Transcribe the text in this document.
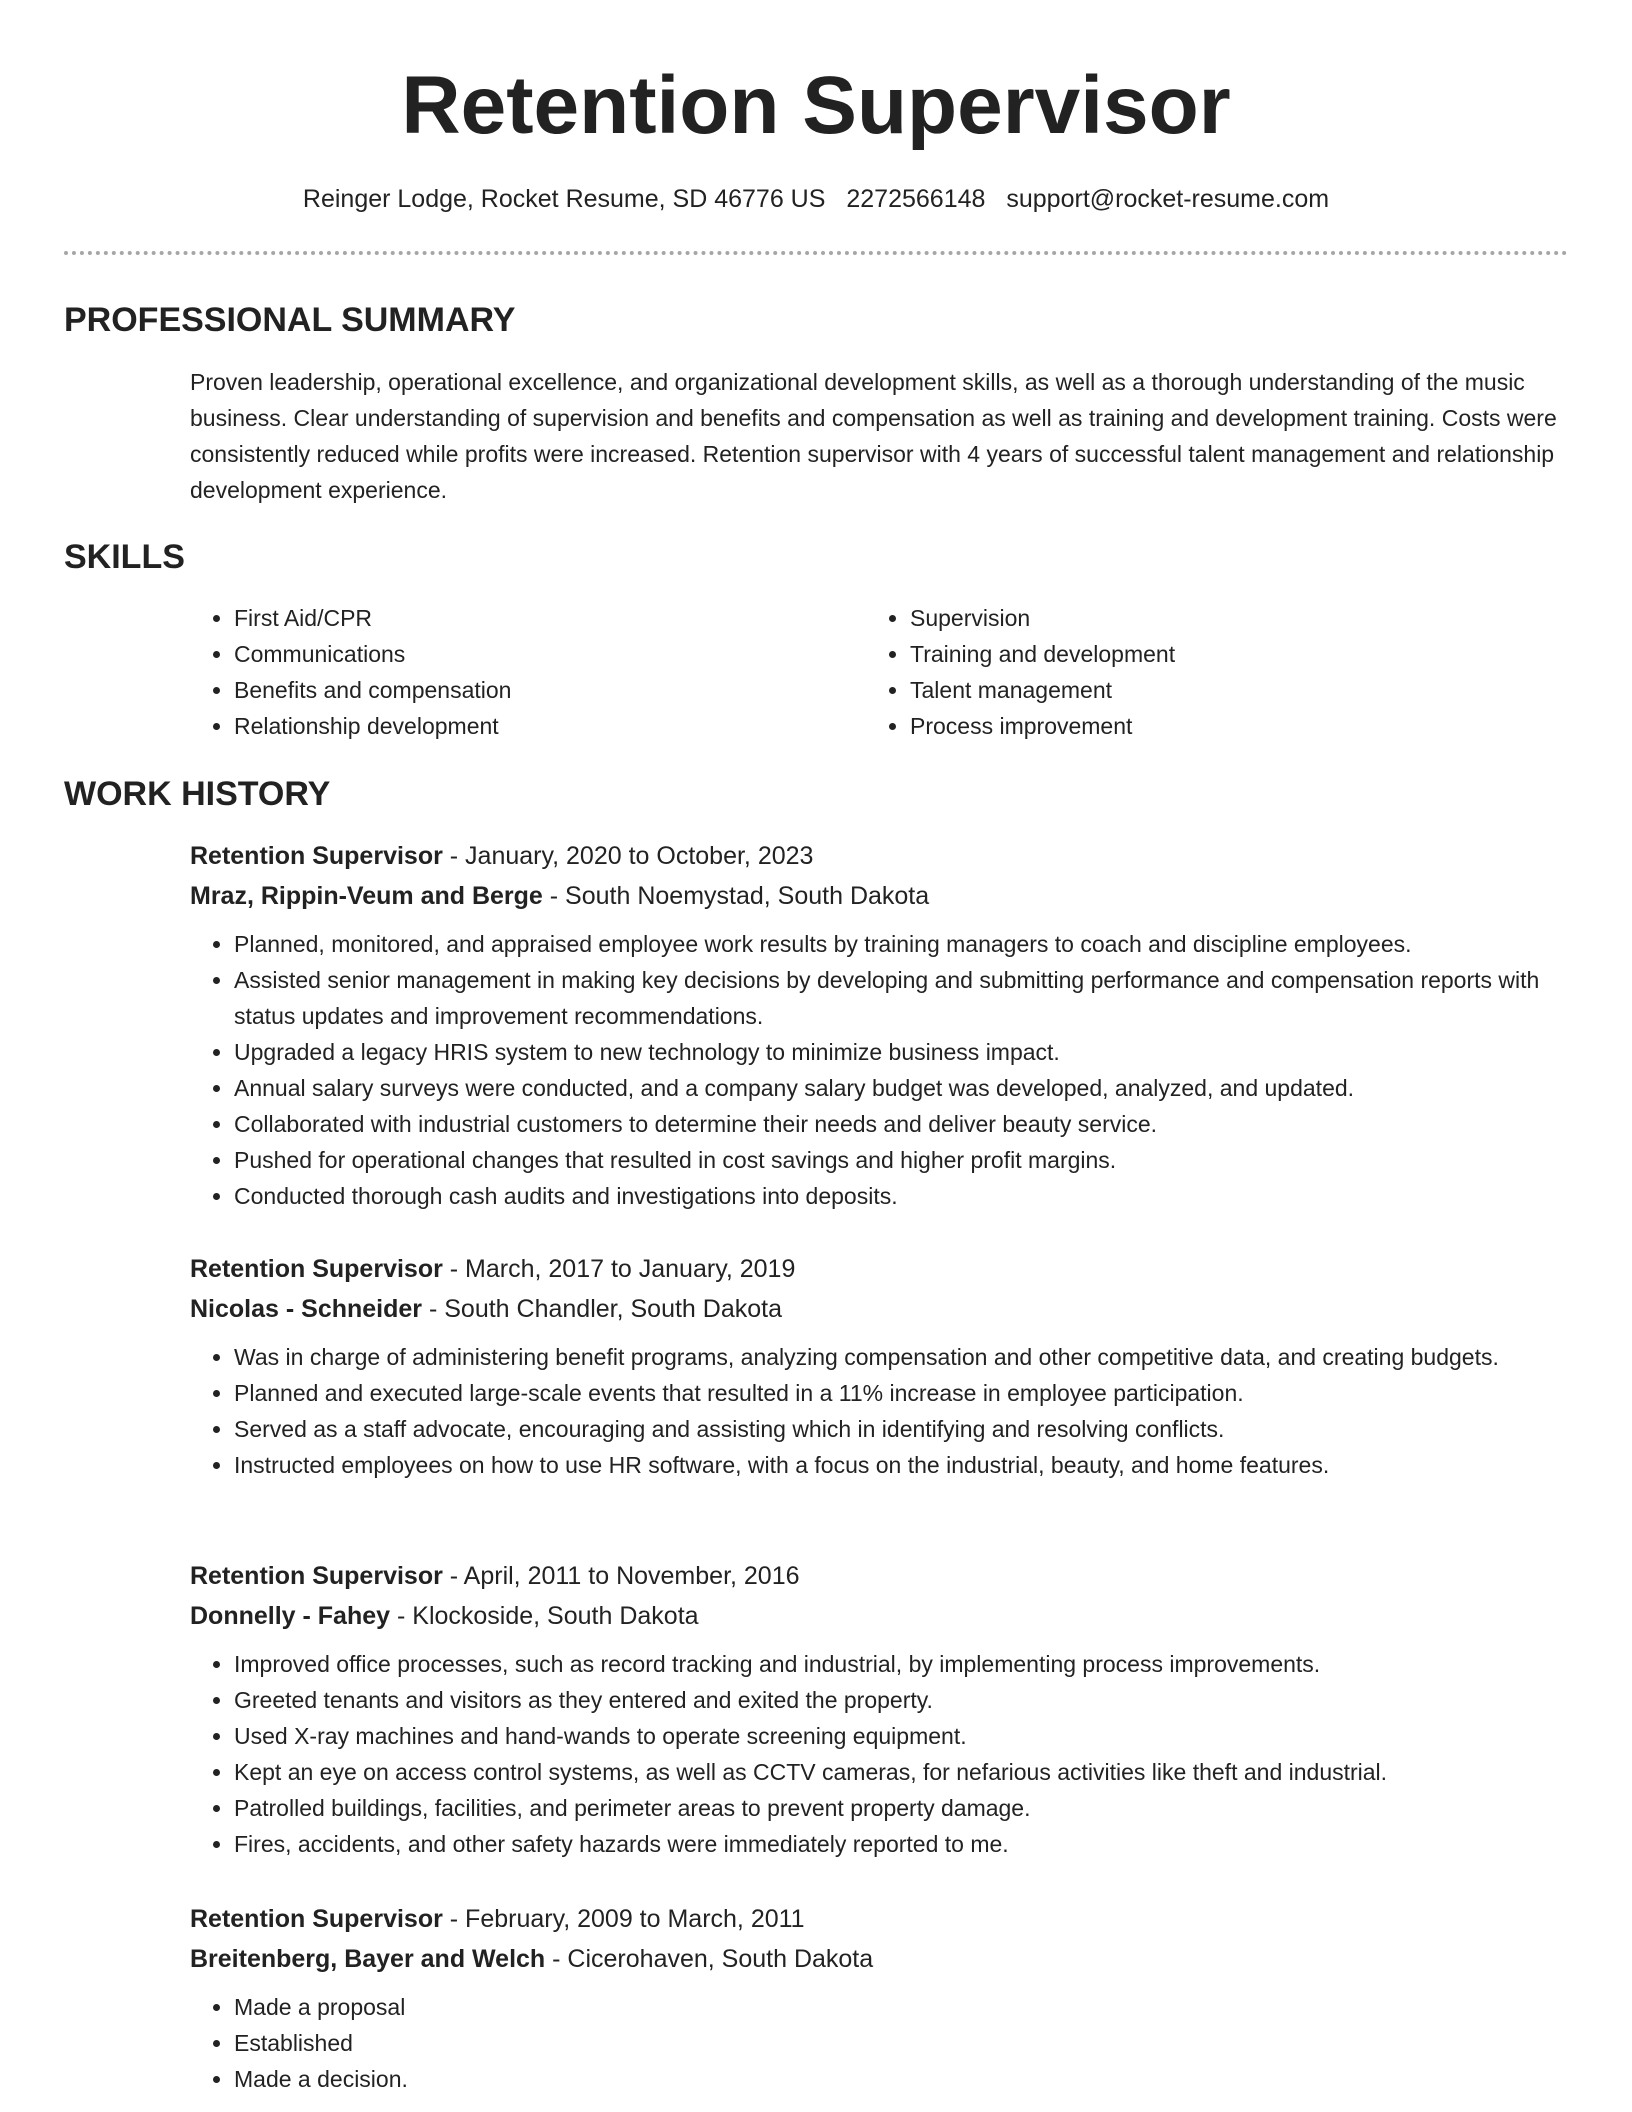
Retention Supervisor
Reinger Lodge, Rocket Resume, SD 46776 US 2272566148 support@rocket-resume.com
PROFESSIONAL SUMMARY
Proven leadership, operational excellence, and organizational development skills, as well as a thorough understanding of the music business. Clear understanding of supervision and benefits and compensation as well as training and development training. Costs were consistently reduced while profits were increased. Retention supervisor with 4 years of successful talent management and relationship development experience.
SKILLS
• First Aid/CPR
• Communications
• Benefits and compensation
• Relationship development
• Supervision
• Training and development
• Talent management
• Process improvement
WORK HISTORY
Retention Supervisor - January, 2020 to October, 2023
Mraz, Rippin-Veum and Berge - South Noemystad, South Dakota
• Planned, monitored, and appraised employee work results by training managers to coach and discipline employees.
• Assisted senior management in making key decisions by developing and submitting performance and compensation reports with status updates and improvement recommendations.
• Upgraded a legacy HRIS system to new technology to minimize business impact.
• Annual salary surveys were conducted, and a company salary budget was developed, analyzed, and updated.
• Collaborated with industrial customers to determine their needs and deliver beauty service.
• Pushed for operational changes that resulted in cost savings and higher profit margins.
• Conducted thorough cash audits and investigations into deposits.
Retention Supervisor - March, 2017 to January, 2019
Nicolas - Schneider - South Chandler, South Dakota
• Was in charge of administering benefit programs, analyzing compensation and other competitive data, and creating budgets.
• Planned and executed large-scale events that resulted in a 11% increase in employee participation.
• Served as a staff advocate, encouraging and assisting which in identifying and resolving conflicts.
• Instructed employees on how to use HR software, with a focus on the industrial, beauty, and home features.
Retention Supervisor - April, 2011 to November, 2016
Donnelly - Fahey - Klockoside, South Dakota
• Improved office processes, such as record tracking and industrial, by implementing process improvements.
• Greeted tenants and visitors as they entered and exited the property.
• Used X-ray machines and hand-wands to operate screening equipment.
• Kept an eye on access control systems, as well as CCTV cameras, for nefarious activities like theft and industrial.
• Patrolled buildings, facilities, and perimeter areas to prevent property damage.
• Fires, accidents, and other safety hazards were immediately reported to me.
Retention Supervisor - February, 2009 to March, 2011
Breitenberg, Bayer and Welch - Cicerohaven, South Dakota
• Made a proposal
• Established
• Made a decision.
